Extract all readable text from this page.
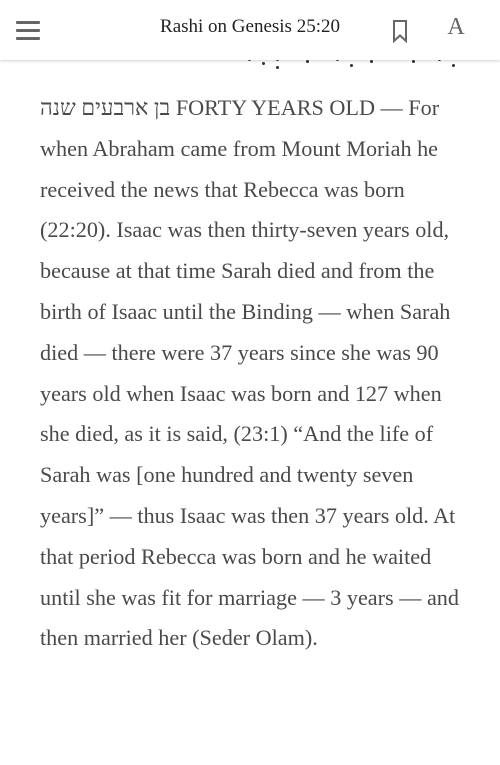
Rashi on Genesis 25:20	A
בן ארבעים שנה FORTY YEARS OLD — For when Abraham came from Mount Moriah he received the news that Rebecca was born (22:20). Isaac was then thirty-seven years old, because at that time Sarah died and from the birth of Isaac until the Binding — when Sarah died — there were 37 years since she was 90 years old when Isaac was born and 127 when she died, as it is said, (23:1) “And the life of Sarah was [one hundred and twenty seven years]” — thus Isaac was then 37 years old. At that period Rebecca was born and he waited until she was fit for marriage — 3 years — and then married her (Seder Olam).
